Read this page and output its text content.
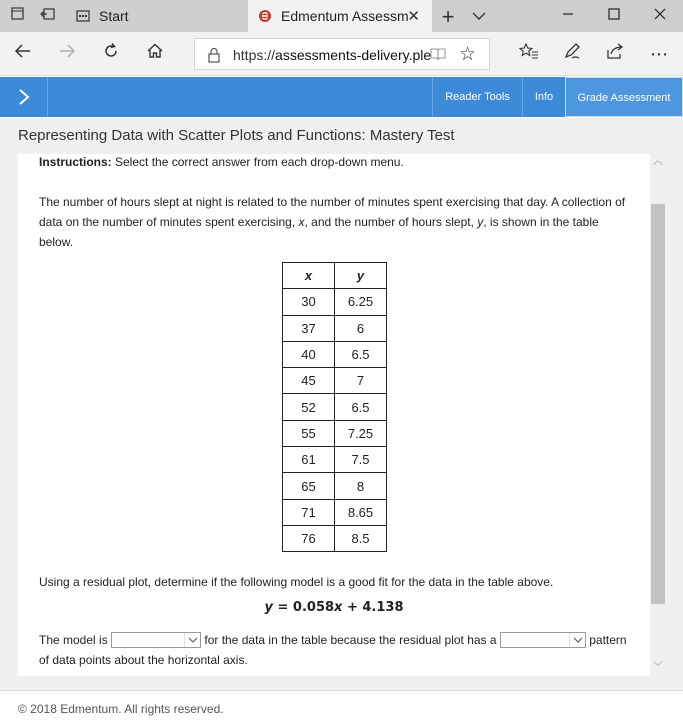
Start	Edmentum Assessm
✕ +
https://assessments-delivery.ple ☆	⋯
Reader Tools	Info	Grade Assessment
Representing Data with Scatter Plots and Functions: Mastery Test

Instructions: Select the correct answer from each drop-down menu.

The number of hours slept at night is related to the number of minutes spent exercising that day. A collection of data on the number of minutes spent exercising, x, and the number of hours slept, y, is shown in the table below.

x	y
30	6.25
37	6
40	6.5
45	7
52	6.5
55	7.25
61	7.5
65	8
71	8.65
76	8.5

Using a residual plot, determine if the following model is a good fit for the data in the table above.

y = 0.058x + 4.138

The model is	for the data in the table because the residual plot has a	pattern of data points about the horizontal axis.

︿
﹀
© 2018 Edmentum. All rights reserved.
